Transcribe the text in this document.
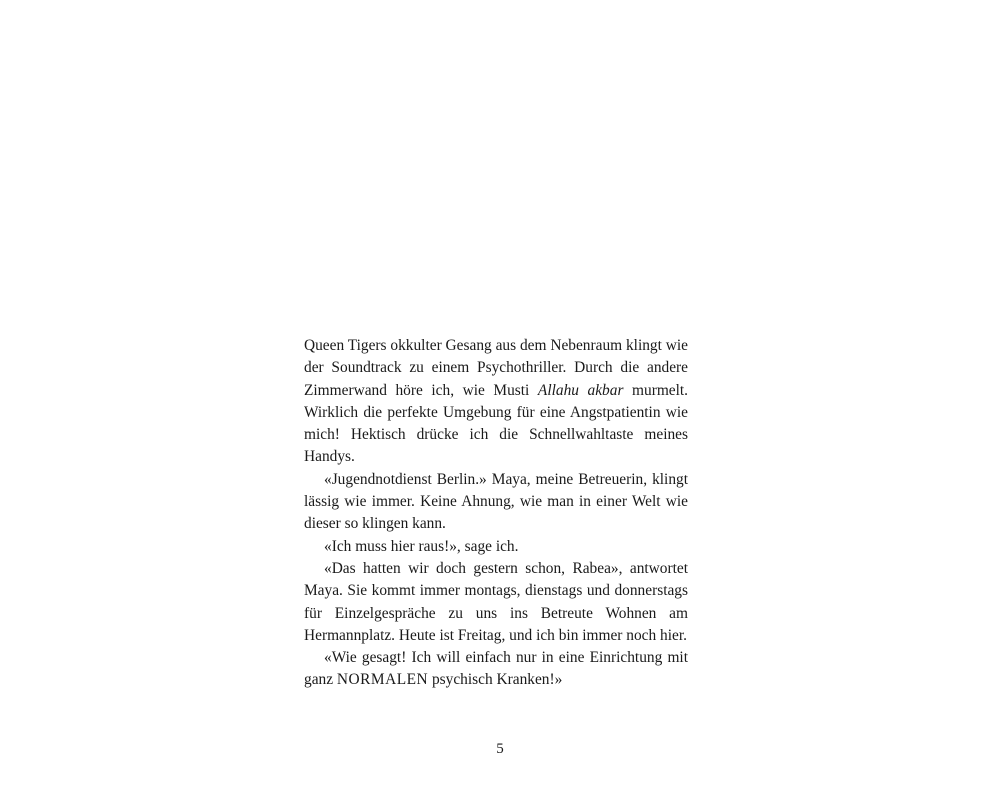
Queen Tigers okkulter Gesang aus dem Nebenraum klingt wie der Soundtrack zu einem Psychothriller. Durch die andere Zimmerwand höre ich, wie Musti Allahu akbar murmelt. Wirklich die perfekte Umgebung für eine Angstpatientin wie mich! Hektisch drücke ich die Schnellwahltaste meines Handys.

«Jugendnotdienst Berlin.» Maya, meine Betreuerin, klingt lässig wie immer. Keine Ahnung, wie man in einer Welt wie dieser so klingen kann.

«Ich muss hier raus!», sage ich.

«Das hatten wir doch gestern schon, Rabea», antwortet Maya. Sie kommt immer montags, dienstags und donnerstags für Einzelgespräche zu uns ins Betreute Wohnen am Hermannplatz. Heute ist Freitag, und ich bin immer noch hier.

«Wie gesagt! Ich will einfach nur in eine Einrichtung mit ganz NORMALEN psychisch Kranken!»

5
